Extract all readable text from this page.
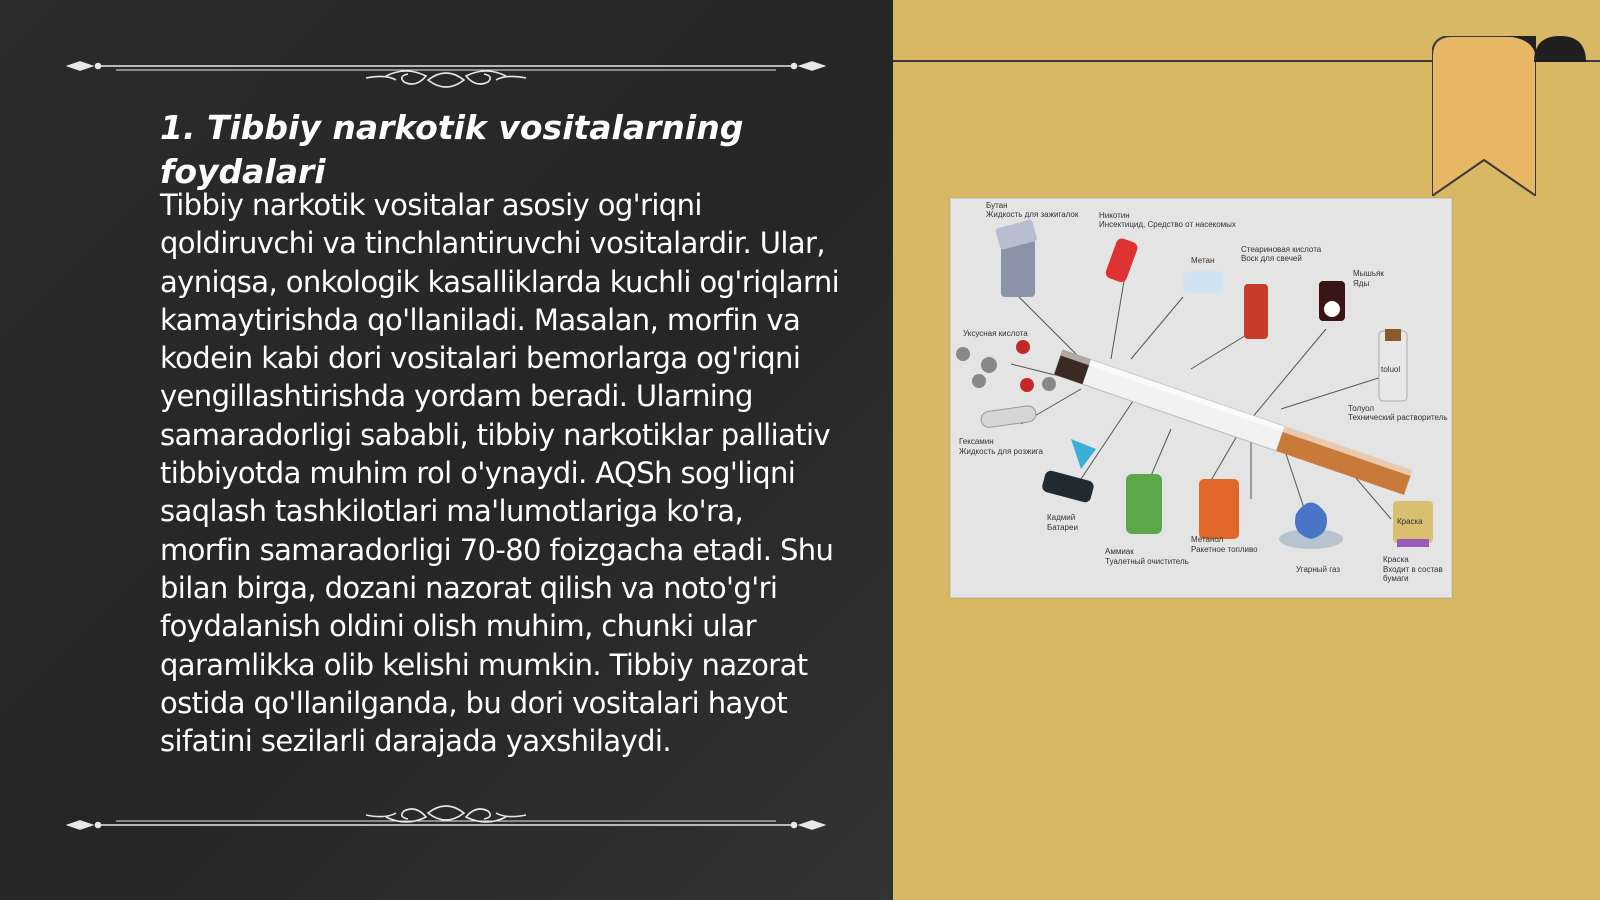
1. Tibbiy narkotik vositalarning foydalari

Tibbiy narkotik vositalar asosiy og'riqni qoldiruvchi va tinchlantiruvchi vositalardir. Ular, ayniqsa, onkologik kasalliklarda kuchli og'riqlarni kamaytirishda qo'llaniladi. Masalan, morfin va kodein kabi dori vositalari bemorlarga og'riqni yengillashtirishda yordam beradi. Ularning samaradorligi sababli, tibbiy narkotiklar palliativ tibbiyotda muhim rol o'ynaydi. AQSh sog'liqni saqlash tashkilotlari ma'lumotlariga ko'ra, morfin samaradorligi 70-80 foizgacha etadi. Shu bilan birga, dozani nazorat qilish va noto'g'ri foydalanish oldini olish muhim, chunki ular qaramlikka olib kelishi mumkin. Tibbiy nazorat ostida qo'llanilganda, bu dori vositalari hayot sifatini sezilarli darajada yaxshilaydi.

Бутан
Жидкость для зажигалок	Никотин
Инсектицид, Средство от насекомых
Метан
Стеариновая кислота
Воск для свечей
Мышьяк
Яды
Уксусная кислота
Гексамин
Жидкость для розжига
Толуол
Технический растворитель
toluol
Кадмий
Батареи
Аммиак
Туалетный очиститель
Метанол
Ракетное топливо
Угарный газ
Краска
Входит в состав бумаги
Краска
